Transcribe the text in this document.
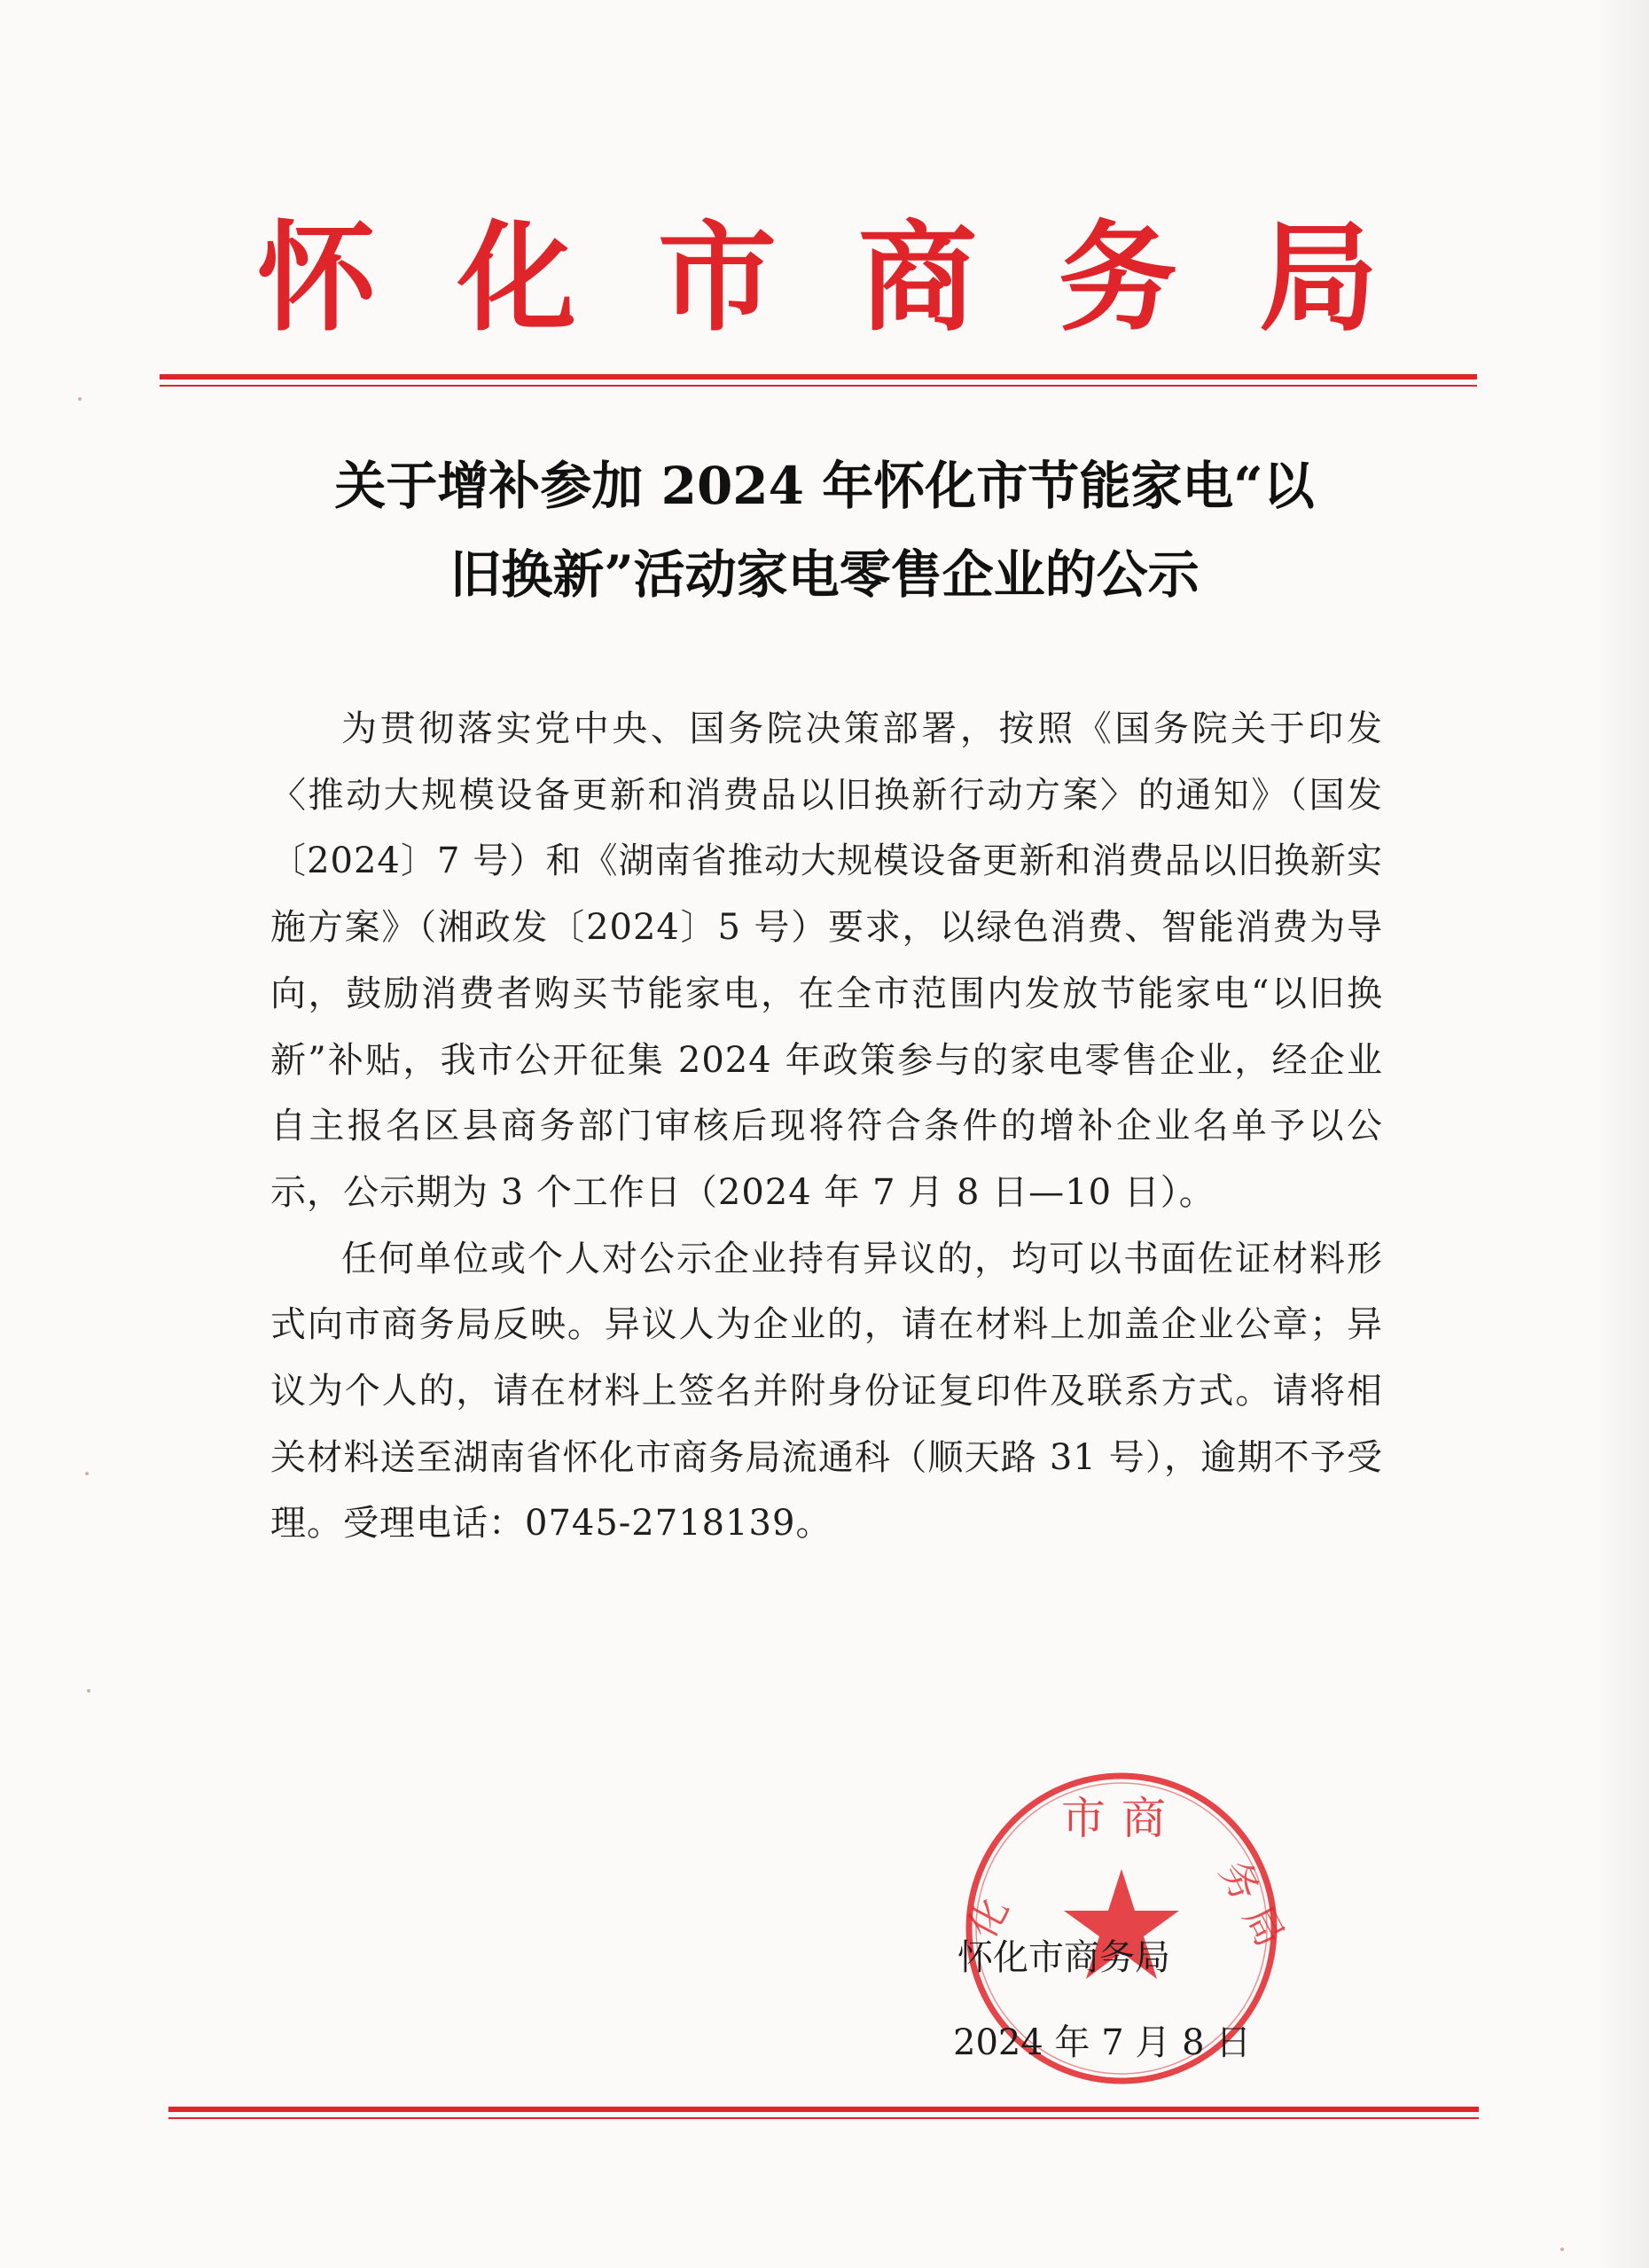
怀化市商务局
关于增补参加 2024 年怀化市节能家电“以
旧换新”活动家电零售企业的公示

为贯彻落实党中央、国务院决策部署，按照《国务院关于印发〈推动大规模设备更新和消费品以旧换新行动方案〉的通知》（国发〔2024〕7 号）和《湖南省推动大规模设备更新和消费品以旧换新实施方案》（湘政发〔2024〕5 号）要求，以绿色消费、智能消费为导向，鼓励消费者购买节能家电，在全市范围内发放节能家电“以旧换新”补贴，我市公开征集 2024 年政策参与的家电零售企业，经企业自主报名区县商务部门审核后现将符合条件的增补企业名单予以公示，公示期为 3 个工作日（2024 年 7 月 8 日—10 日）。

任何单位或个人对公示企业持有异议的，均可以书面佐证材料形式向市商务局反映。异议人为企业的，请在材料上加盖企业公章；异议为个人的，请在材料上签名并附身份证复印件及联系方式。请将相关材料送至湖南省怀化市商务局流通科（顺天路 31 号），逾期不予受理。受理电话：0745-2718139。

市商
务局
化
怀化市商务局
2024 年 7 月 8 日
